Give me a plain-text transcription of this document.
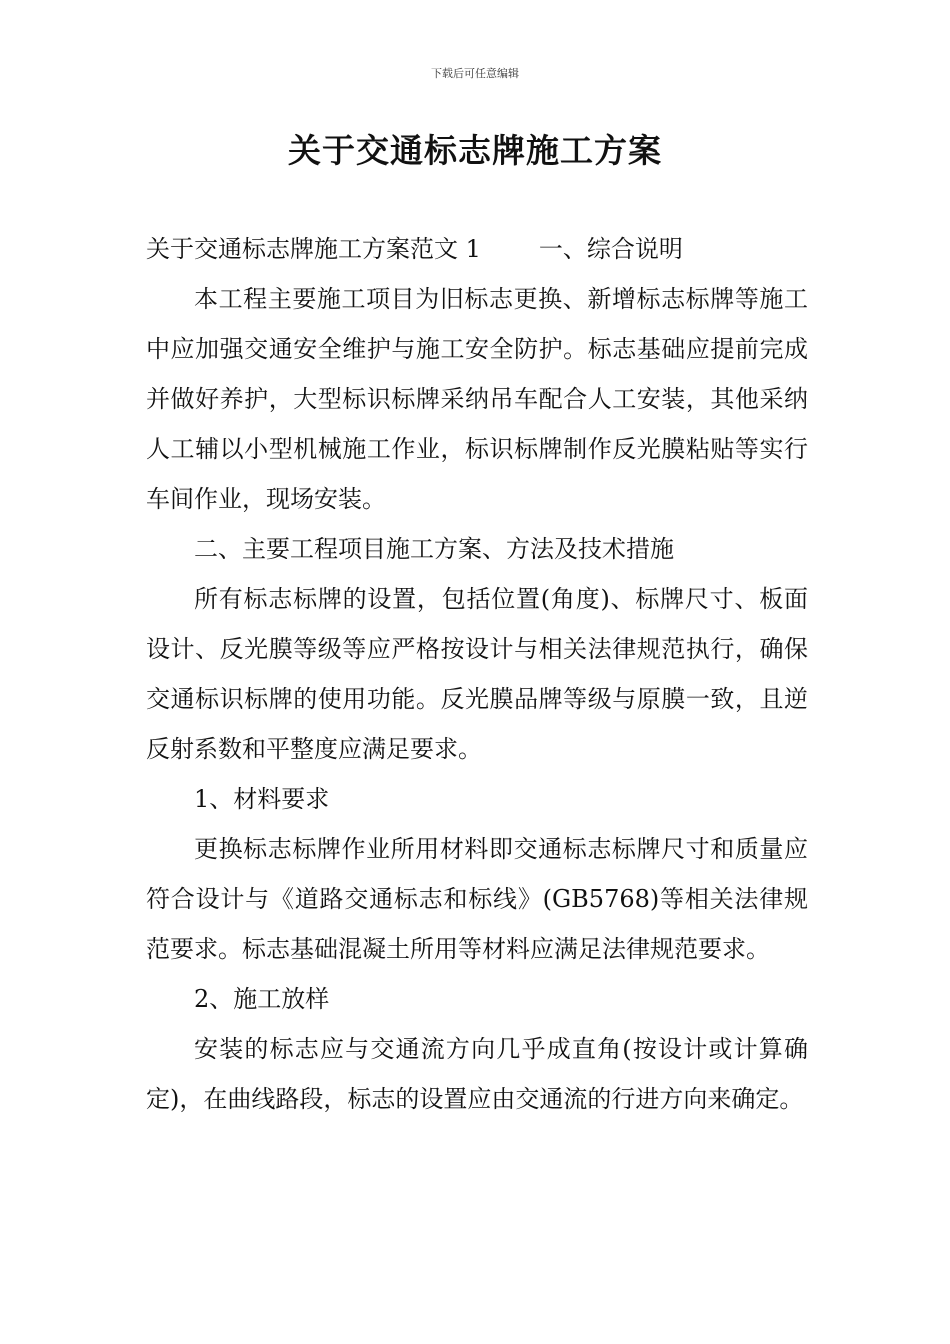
下载后可任意编辑
关于交通标志牌施工方案

关于交通标志牌施工方案范文 1 一、综合说明

本工程主要施工项目为旧标志更换、新增标志标牌等施工中应加强交通安全维护与施工安全防护。标志基础应提前完成并做好养护，大型标识标牌采纳吊车配合人工安装，其他采纳人工辅以小型机械施工作业，标识标牌制作反光膜粘贴等实行车间作业，现场安装。

二、主要工程项目施工方案、方法及技术措施

所有标志标牌的设置，包括位置(角度)、标牌尺寸、板面设计、反光膜等级等应严格按设计与相关法律规范执行，确保交通标识标牌的使用功能。反光膜品牌等级与原膜一致，且逆反射系数和平整度应满足要求。

1、材料要求

更换标志标牌作业所用材料即交通标志标牌尺寸和质量应符合设计与《道路交通标志和标线》(GB5768)等相关法律规范要求。标志基础混凝土所用等材料应满足法律规范要求。

2、施工放样

安装的标志应与交通流方向几乎成直角(按设计或计算确定)，在曲线路段，标志的设置应由交通流的行进方向来确定。
